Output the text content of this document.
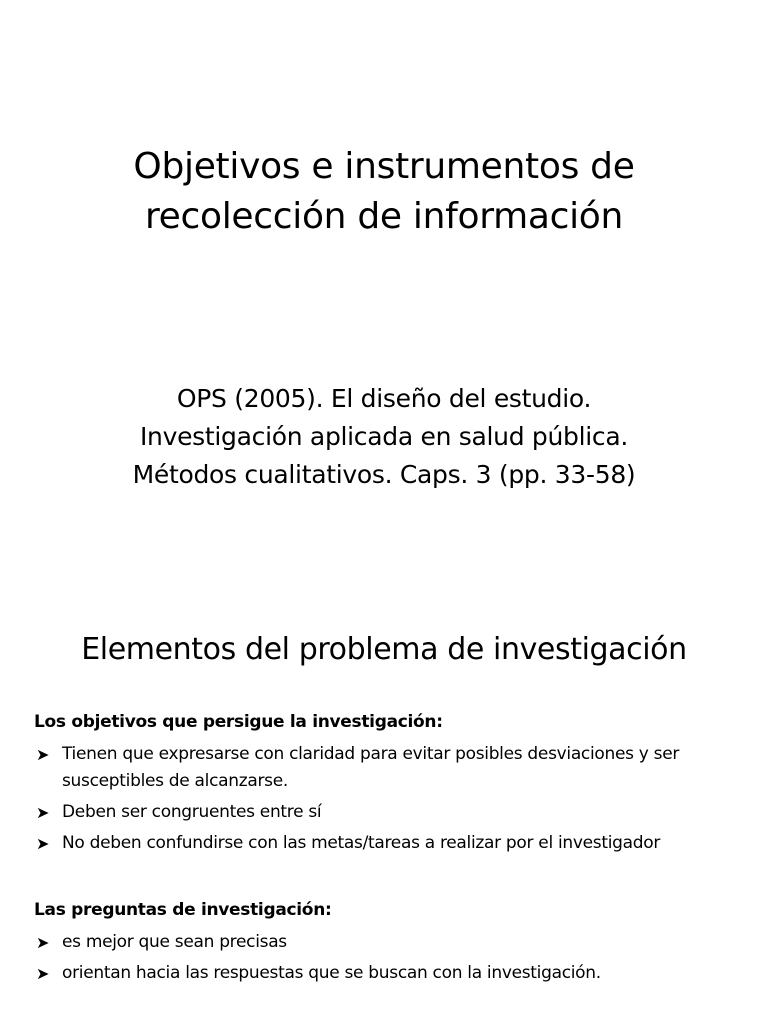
Objetivos e instrumentos de
recolección de información
OPS (2005). El diseño del estudio.
Investigación aplicada en salud pública.
Métodos cualitativos. Caps. 3 (pp. 33-58)
Elementos del problema de investigación
Los objetivos que persigue la investigación:
➤ Tienen que expresarse con claridad para evitar posibles desviaciones y ser susceptibles de alcanzarse.
➤ Deben ser congruentes entre sí
➤ No deben confundirse con las metas/tareas a realizar por el investigador
Las preguntas de investigación:
➤ es mejor que sean precisas
➤ orientan hacia las respuestas que se buscan con la investigación.
